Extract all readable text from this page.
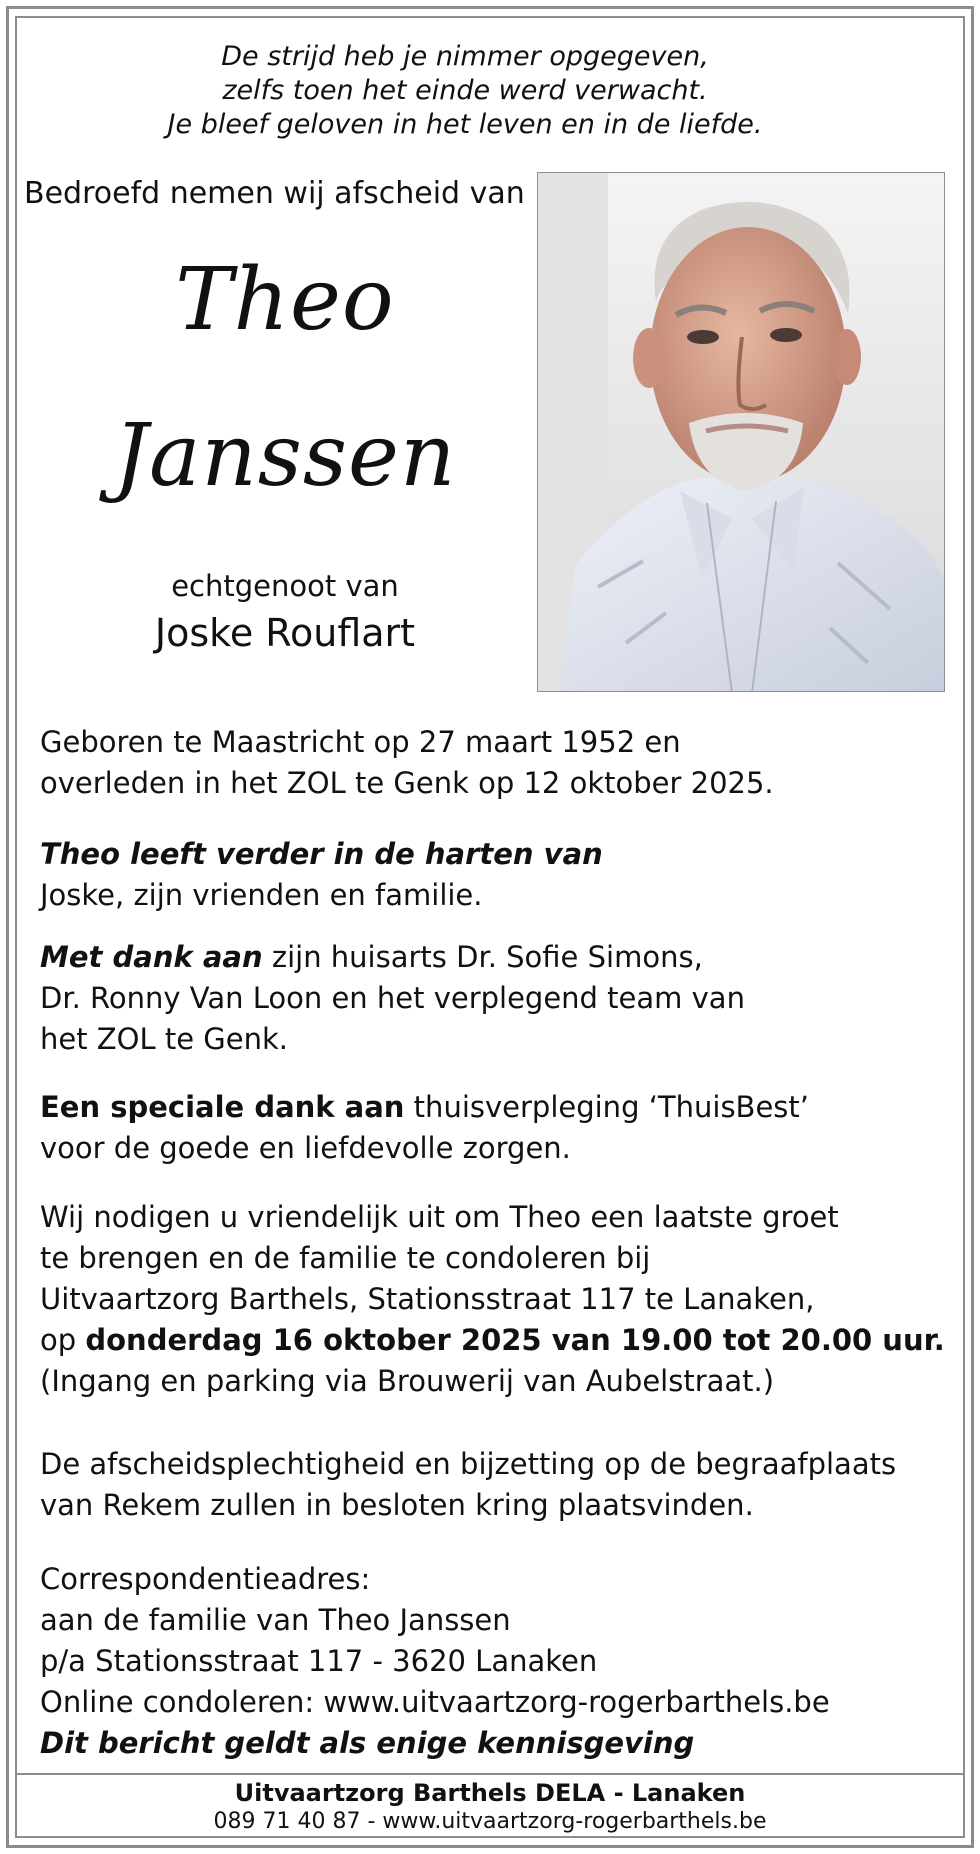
De strijd heb je nimmer opgegeven,
zelfs toen het einde werd verwacht.
Je bleef geloven in het leven en in de liefde.
Bedroefd nemen wij afscheid van
Theo
Janssen
echtgenoot van
Joske Rouflart
Geboren te Maastricht op 27 maart 1952 en
overleden in het ZOL te Genk op 12 oktober 2025.
Theo leeft verder in de harten van
Joske, zijn vrienden en familie.
Met dank aan zijn huisarts Dr. Sofie Simons,
Dr. Ronny Van Loon en het verplegend team van
het ZOL te Genk.
Een speciale dank aan thuisverpleging ‘ThuisBest’
voor de goede en liefdevolle zorgen.
Wij nodigen u vriendelijk uit om Theo een laatste groet
te brengen en de familie te condoleren bij
Uitvaartzorg Barthels, Stationsstraat 117 te Lanaken,
op donderdag 16 oktober 2025 van 19.00 tot 20.00 uur.
(Ingang en parking via Brouwerij van Aubelstraat.)
De afscheidsplechtigheid en bijzetting op de begraafplaats
van Rekem zullen in besloten kring plaatsvinden.
Correspondentieadres:
aan de familie van Theo Janssen
p/a Stationsstraat 117 - 3620 Lanaken
Online condoleren: www.uitvaartzorg-rogerbarthels.be
Dit bericht geldt als enige kennisgeving
Uitvaartzorg Barthels DELA - Lanaken
089 71 40 87 - www.uitvaartzorg-rogerbarthels.be
